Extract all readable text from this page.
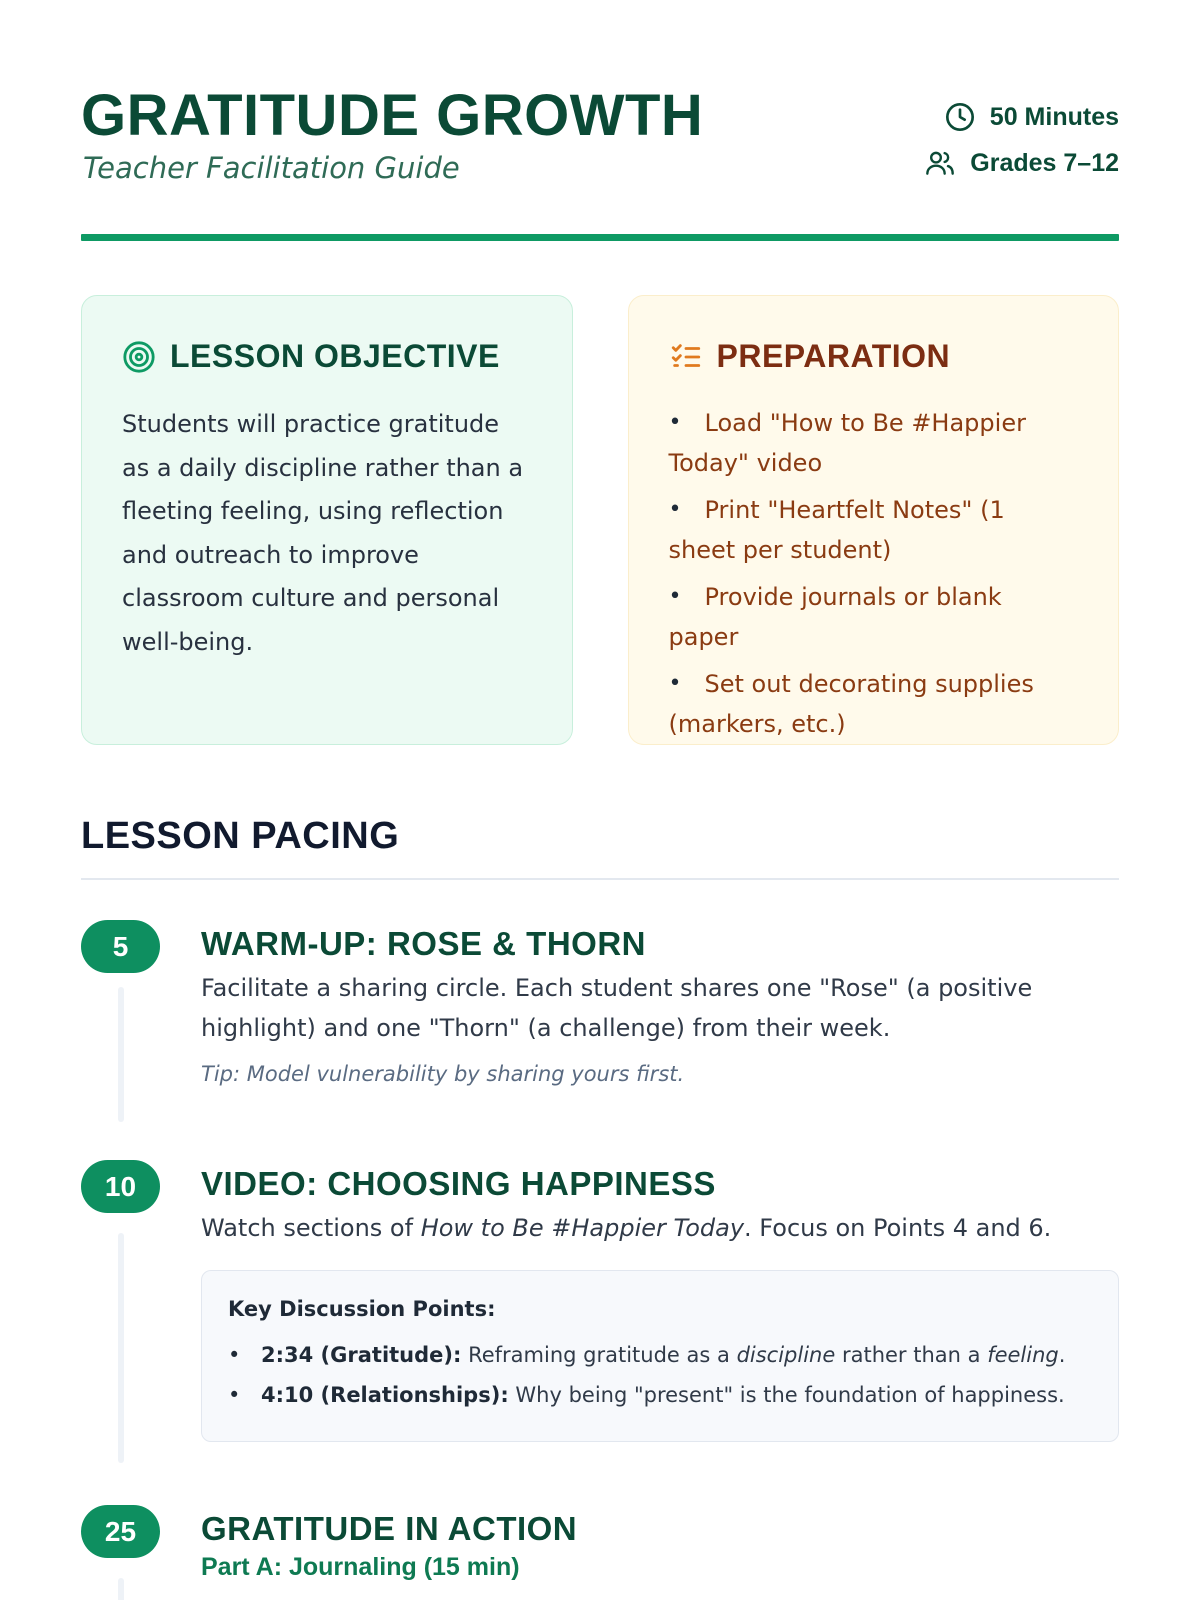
GRATITUDE GROWTH
Teacher Facilitation Guide
50 Minutes
Grades 7–12
LESSON OBJECTIVE

Students will practice gratitude as a daily discipline rather than a fleeting feeling, using reflection and outreach to improve classroom culture and personal well-being.

PREPARATION
• Load "How to Be #Happier Today" video
• Print "Heartfelt Notes" (1 sheet per student)
• Provide journals or blank paper
• Set out decorating supplies (markers, etc.)
LESSON PACING
5	WARM-UP: ROSE & THORN
Facilitate a sharing circle. Each student shares one "Rose" (a positive highlight) and one "Thorn" (a challenge) from their week.
Tip: Model vulnerability by sharing yours first.
10	VIDEO: CHOOSING HAPPINESS
Watch sections of How to Be #Happier Today. Focus on Points 4 and 6.
Key Discussion Points:
• 2:34 (Gratitude): Reframing gratitude as a discipline rather than a feeling.
• 4:10 (Relationships): Why being "present" is the foundation of happiness.
25	GRATITUDE IN ACTION
Part A: Journaling (15 min)
